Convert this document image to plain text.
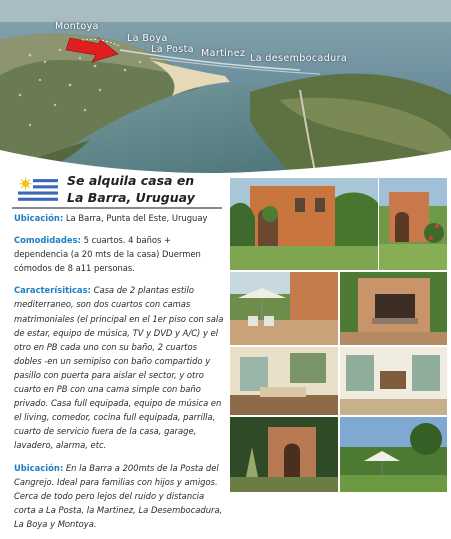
Montoya
La Boya
La Posta Martinez La desembocadura
Se alquila casa en
La Barra, Uruguay

Ubicación: La Barra, Punta del Este, Uruguay

Comodidades: 5 cuartos. 4 baños + dependencia (a 20 mts de la casa) Duermen cómodos de 8 a11 personas.

Caracterísiticas: Casa de 2 plantas estilo mediterraneo, son dos cuartos con camas matrimoniales (el principal en el 1er piso con sala de estar, equipo de música, TV y DVD y A/C) y el otro en PB cada uno con su baño, 2 cuartos dobles -en un semipiso con baño compartido y pasillo con puerta para aislar el sector, y otro cuarto en PB con una cama simple con baño privado. Casa full equipada, equipo de música en el living, comedor, cocina full equipada, parrilla, cuarto de servicio fuera de la casa, garage, lavadero, alarma, etc.

Ubicación: En la Barra a 200mts de la Posta del Cangrejo. Ideal para familias con hijos y amigos. Cerca de todo pero lejos del ruido y distancia corta a La Posta, la Martinez, La Desembocadura, La Boya y Montoya.
